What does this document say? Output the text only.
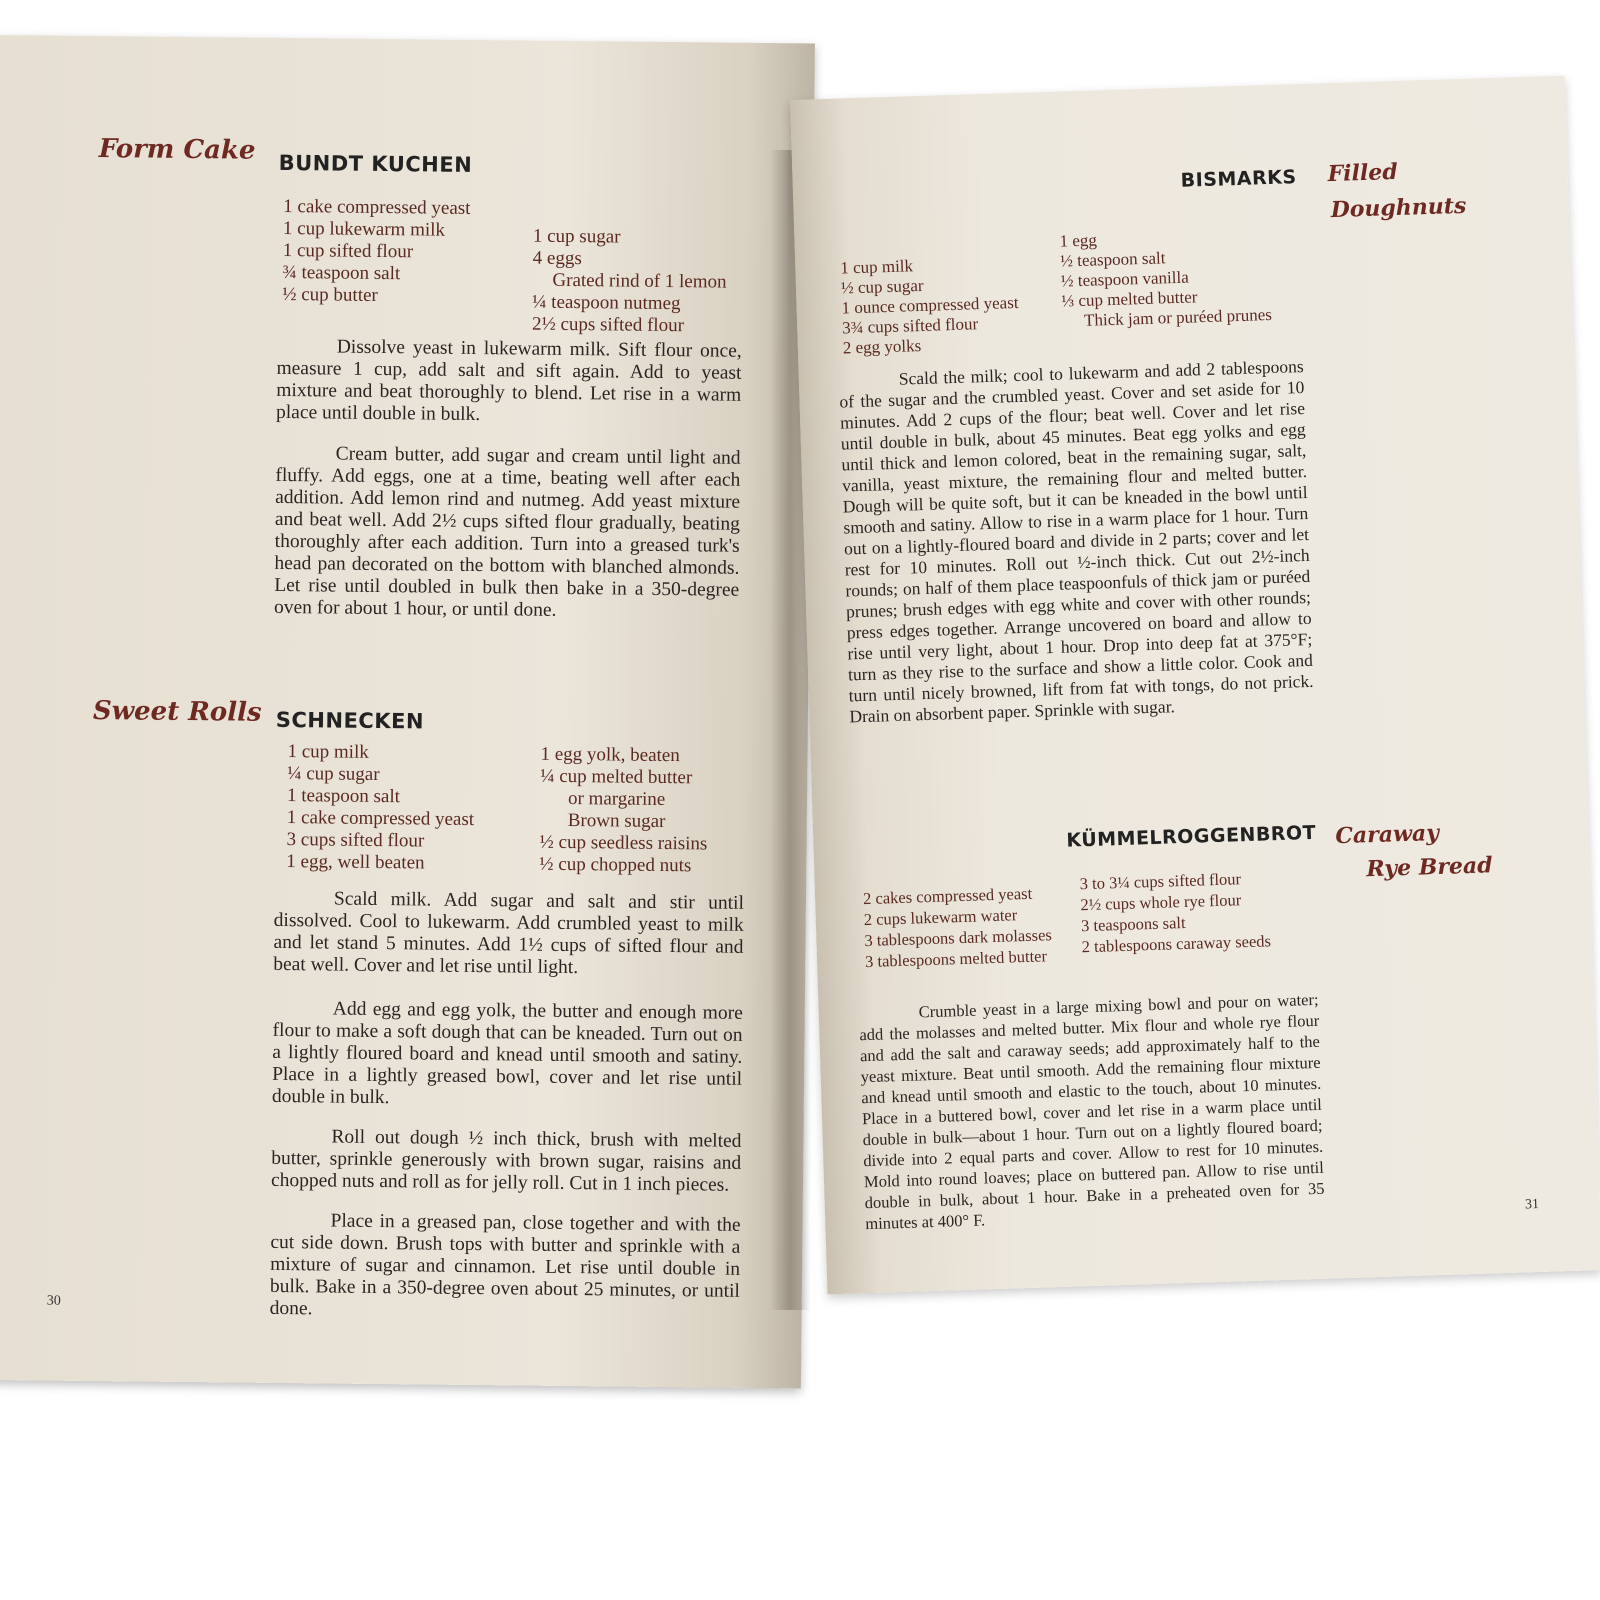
Form Cake BUNDT KUCHEN
1 cake compressed yeast
1 cup lukewarm milk
1 cup sifted flour
¾ teaspoon salt
½ cup butter
1 cup sugar
4 eggs
Grated rind of 1 lemon
¼ teaspoon nutmeg
2½ cups sifted flour
Dissolve yeast in lukewarm milk. Sift flour once, measure 1 cup, add salt and sift again. Add to yeast mixture and beat thoroughly to blend. Let rise in a warm place until double in bulk.
Cream butter, add sugar and cream until light and fluffy. Add eggs, one at a time, beating well after each addition. Add lemon rind and nutmeg. Add yeast mixture and beat well. Add 2½ cups sifted flour gradually, beating thoroughly after each addition. Turn into a greased turk's head pan decorated on the bottom with blanched almonds. Let rise until doubled in bulk then bake in a 350-degree oven for about 1 hour, or until done.
Sweet Rolls SCHNECKEN
1 cup milk
¼ cup sugar
1 teaspoon salt
1 cake compressed yeast
3 cups sifted flour
1 egg, well beaten
1 egg yolk, beaten
¼ cup melted butter
or margarine
Brown sugar
½ cup seedless raisins
½ cup chopped nuts
Scald milk. Add sugar and salt and stir until dissolved. Cool to lukewarm. Add crumbled yeast to milk and let stand 5 minutes. Add 1½ cups of sifted flour and beat well. Cover and let rise until light.
Add egg and egg yolk, the butter and enough more flour to make a soft dough that can be kneaded. Turn out on a lightly floured board and knead until smooth and satiny. Place in a lightly greased bowl, cover and let rise until double in bulk.
Roll out dough ½ inch thick, brush with melted butter, sprinkle generously with brown sugar, raisins and chopped nuts and roll as for jelly roll. Cut in 1 inch pieces.
Place in a greased pan, close together and with the cut side down. Brush tops with butter and sprinkle with a mixture of sugar and cinnamon. Let rise until double in bulk. Bake in a 350-degree oven about 25 minutes, or until done.
30
BISMARKS Filled
Doughnuts
1 cup milk
½ cup sugar
1 ounce compressed yeast
3¾ cups sifted flour
2 egg yolks
1 egg
½ teaspoon salt
½ teaspoon vanilla
⅓ cup melted butter
Thick jam or puréed prunes
Scald the milk; cool to lukewarm and add 2 tablespoons of the sugar and the crumbled yeast. Cover and set aside for 10 minutes. Add 2 cups of the flour; beat well. Cover and let rise until double in bulk, about 45 minutes. Beat egg yolks and egg until thick and lemon colored, beat in the remaining sugar, salt, vanilla, yeast mixture, the remaining flour and melted butter. Dough will be quite soft, but it can be kneaded in the bowl until smooth and satiny. Allow to rise in a warm place for 1 hour. Turn out on a lightly-floured board and divide in 2 parts; cover and let rest for 10 minutes. Roll out ½-inch thick. Cut out 2½-inch rounds; on half of them place teaspoonfuls of thick jam or puréed prunes; brush edges with egg white and cover with other rounds; press edges together. Arrange uncovered on board and allow to rise until very light, about 1 hour. Drop into deep fat at 375°F; turn as they rise to the surface and show a little color. Cook and turn until nicely browned, lift from fat with tongs, do not prick. Drain on absorbent paper. Sprinkle with sugar.
KÜMMELROGGENBROT Caraway
Rye Bread
2 cakes compressed yeast
2 cups lukewarm water
3 tablespoons dark molasses
3 tablespoons melted butter
3 to 3¼ cups sifted flour
2½ cups whole rye flour
3 teaspoons salt
2 tablespoons caraway seeds
Crumble yeast in a large mixing bowl and pour on water; add the molasses and melted butter. Mix flour and whole rye flour and add the salt and caraway seeds; add approximately half to the yeast mixture. Beat until smooth. Add the remaining flour mixture and knead until smooth and elastic to the touch, about 10 minutes. Place in a buttered bowl, cover and let rise in a warm place until double in bulk—about 1 hour. Turn out on a lightly floured board; divide into 2 equal parts and cover. Allow to rest for 10 minutes. Mold into round loaves; place on buttered pan. Allow to rise until double in bulk, about 1 hour. Bake in a preheated oven for 35 minutes at 400° F.
31
